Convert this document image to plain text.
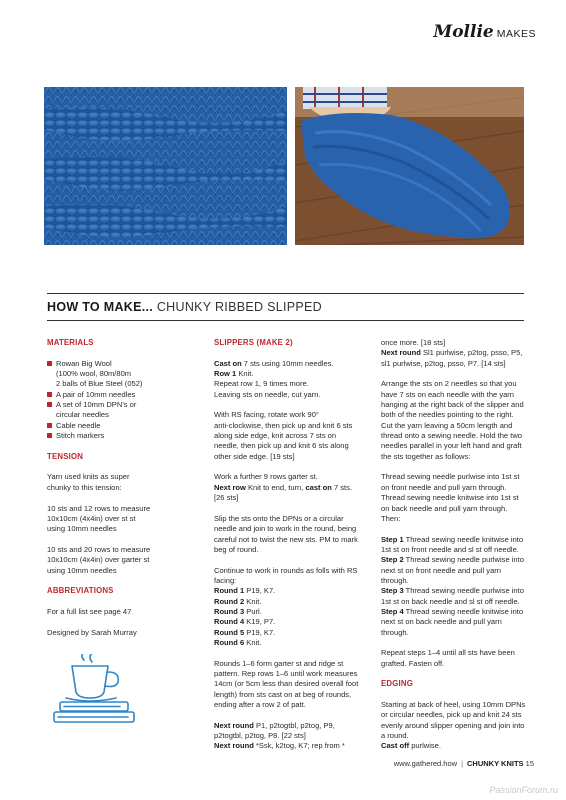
Mollie MAKES
HOW TO MAKE... CHUNKY RIBBED SLIPPED

MATERIALS

Rowan Big Wool
(100% wool, 80m/80m
2 balls of Blue Steel (052)
A pair of 10mm needles
A set of 10mm DPN’s or
circular needles
Cable needle
Stitch markers

TENSION

Yarn used knits as super
chunky to this tension:

10 sts and 12 rows to measure
10x10cm (4x4in) over st st
using 10mm needles

10 sts and 20 rows to measure
10x10cm (4x4in) over garter st
using 10mm needles

ABBREVIATIONS

For a full list see page 47

Designed by Sarah Murray

SLIPPERS (MAKE 2)

Cast on 7 sts using 10mm needles.
Row 1 Knit.
Repeat row 1, 9 times more.

Leaving sts on needle, cut yarn.

With RS facing, rotate work 90°
anti-clockwise, then pick up and knit 6 sts
along side edge, knit across 7 sts on
needle, then pick up and knit 6 sts along
other side edge. [19 sts]

Work a further 9 rows garter st.
Next row Knit to end, turn, cast on 7 sts.

[26 sts]

Slip the sts onto the DPNs or a circular
needle and join to work in the round, being
careful not to twist the new sts. PM to mark
beg of round.

Continue to work in rounds as folls with RS
facing:
Round 1 P19, K7.
Round 2 Knit.
Round 3 Purl.
Round 4 K19, P7.
Round 5 P19, K7.
Round 6 Knit.

Rounds 1–6 form garter st and ridge st
pattern. Rep rows 1–6 until work measures
14cm (or 5cm less than desired overall foot
length) from sts cast on at beg of rounds,
ending after a row 2 of patt.

Next round P1, p2togtbl, p2tog, P9,
p2togtbl, p2tog, P8. [22 sts]
Next round *Ssk, k2tog, K7; rep from *
once more. [18 sts]
Next round Sl1 purlwise, p2tog, psso, P5,

sl1 purlwise, p2tog, psso, P7. [14 sts]

Arrange the sts on 2 needles so that you
have 7 sts on each needle with the yarn
hanging at the right back of the slipper and
both of the needles pointing to the right.
Cut the yarn leaving a 50cm length and
thread onto a sewing needle. Hold the two
needles parallel in your left hand and graft
the sts together as follows:

Thread sewing needle purlwise into 1st st
on front needle and pull yarn through.
Thread sewing needle knitwise into 1st st
on back needle and pull yarn through.
Then:

Step 1 Thread sewing needle knitwise into
1st st on front needle and sl st off needle.
Step 2 Thread sewing needle purlwise into
next st on front needle and pull yarn
through.
Step 3 Thread sewing needle purlwise into
1st st on back needle and sl st off needle.
Step 4 Thread sewing needle knitwise into
next st on back needle and pull yarn
through.

Repeat steps 1–4 until all sts have been
grafted. Fasten off.

EDGING

Starting at back of heel, using 10mm DPNs
or circular needles, pick up and knit 24 sts
evenly around slipper opening and join into
a round.
Cast off purlwise.
www.gathered.how | CHUNKY KNITS 15
PassionForum.ru
